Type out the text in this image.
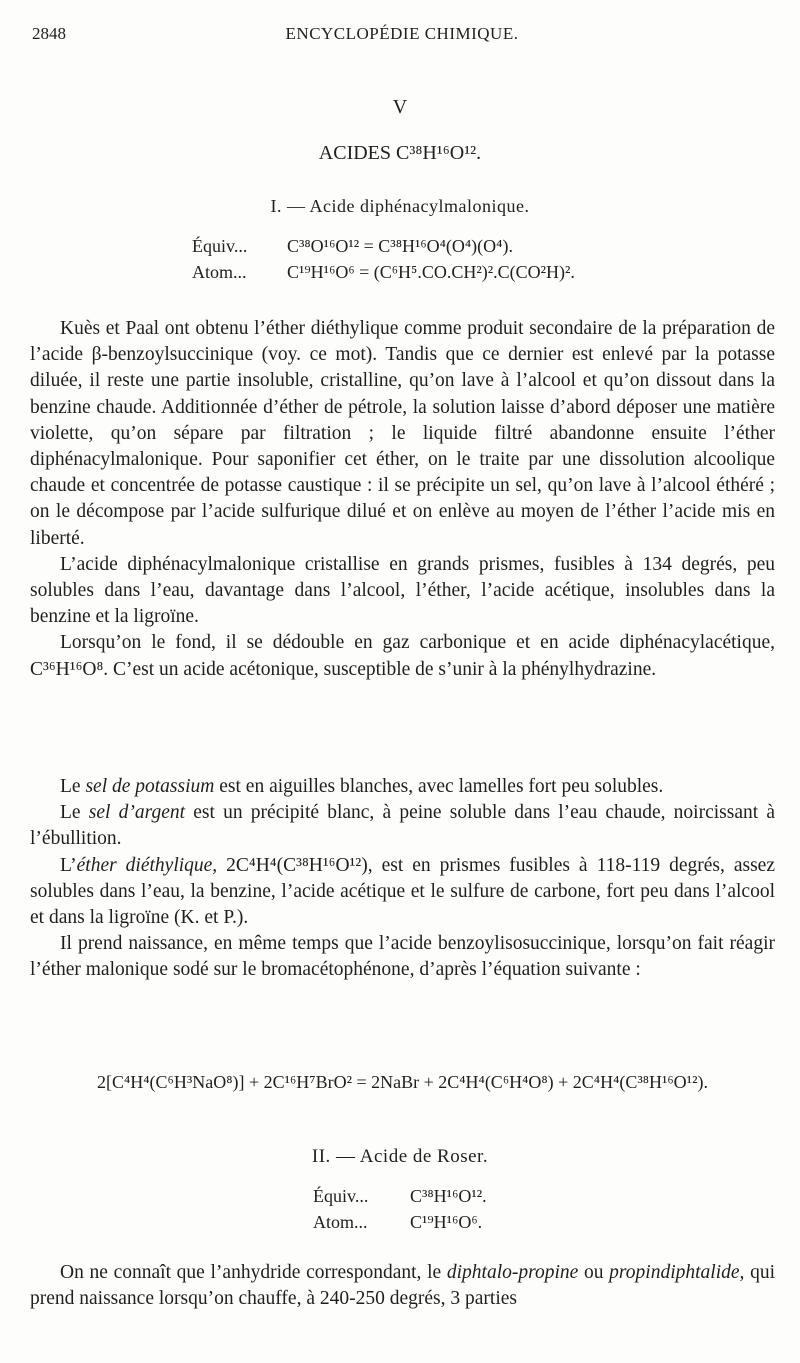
2848	ENCYCLOPÉDIE CHIMIQUE.
V
ACIDES C³⁸H¹⁶O¹².
I. — Acide diphénacylmalonique.
Équiv... C³⁸O¹⁶O¹² = C³⁸H¹⁶O⁴(O⁴)(O⁴).
Atom... C¹⁹H¹⁶O⁶ = (C⁶H⁵.CO.CH²)².C(CO²H)².

Kuès et Paal ont obtenu l’éther diéthylique comme produit secondaire de la préparation de l’acide β-benzoylsuccinique (voy. ce mot). Tandis que ce dernier est enlevé par la potasse diluée, il reste une partie insoluble, cristalline, qu’on lave à l’alcool et qu’on dissout dans la benzine chaude. Additionnée d’éther de pétrole, la solution laisse d’abord déposer une matière violette, qu’on sépare par filtration ; le liquide filtré abandonne ensuite l’éther diphénacylmalonique. Pour saponifier cet éther, on le traite par une dissolution alcoolique chaude et concentrée de potasse caustique : il se précipite un sel, qu’on lave à l’alcool éthéré ; on le décompose par l’acide sulfurique dilué et on enlève au moyen de l’éther l’acide mis en liberté.

L’acide diphénacylmalonique cristallise en grands prismes, fusibles à 134 degrés, peu solubles dans l’eau, davantage dans l’alcool, l’éther, l’acide acétique, insolubles dans la benzine et la ligroïne.

Lorsqu’on le fond, il se dédouble en gaz carbonique et en acide diphénacylacétique, C³⁶H¹⁶O⁸. C’est un acide acétonique, susceptible de s’unir à la phénylhydrazine.

Le sel de potassium est en aiguilles blanches, avec lamelles fort peu solubles.

Le sel d’argent est un précipité blanc, à peine soluble dans l’eau chaude, noircissant à l’ébullition.

L’éther diéthylique, 2C⁴H⁴(C³⁸H¹⁶O¹²), est en prismes fusibles à 118-119 degrés, assez solubles dans l’eau, la benzine, l’acide acétique et le sulfure de carbone, fort peu dans l’alcool et dans la ligroïne (K. et P.).

Il prend naissance, en même temps que l’acide benzoylisosuccinique, lorsqu’on fait réagir l’éther malonique sodé sur le bromacétophénone, d’après l’équation suivante :

2[C⁴H⁴(C⁶H³NaO⁸)] + 2C¹⁶H⁷BrO² = 2NaBr + 2C⁴H⁴(C⁶H⁴O⁸) + 2C⁴H⁴(C³⁸H¹⁶O¹²).
II. — Acide de Roser.
Équiv... C³⁸H¹⁶O¹².
Atom... C¹⁹H¹⁶O⁶.

On ne connaît que l’anhydride correspondant, le diphtalo-propine ou propindiphtalide, qui prend naissance lorsqu’on chauffe, à 240-250 degrés, 3 parties
